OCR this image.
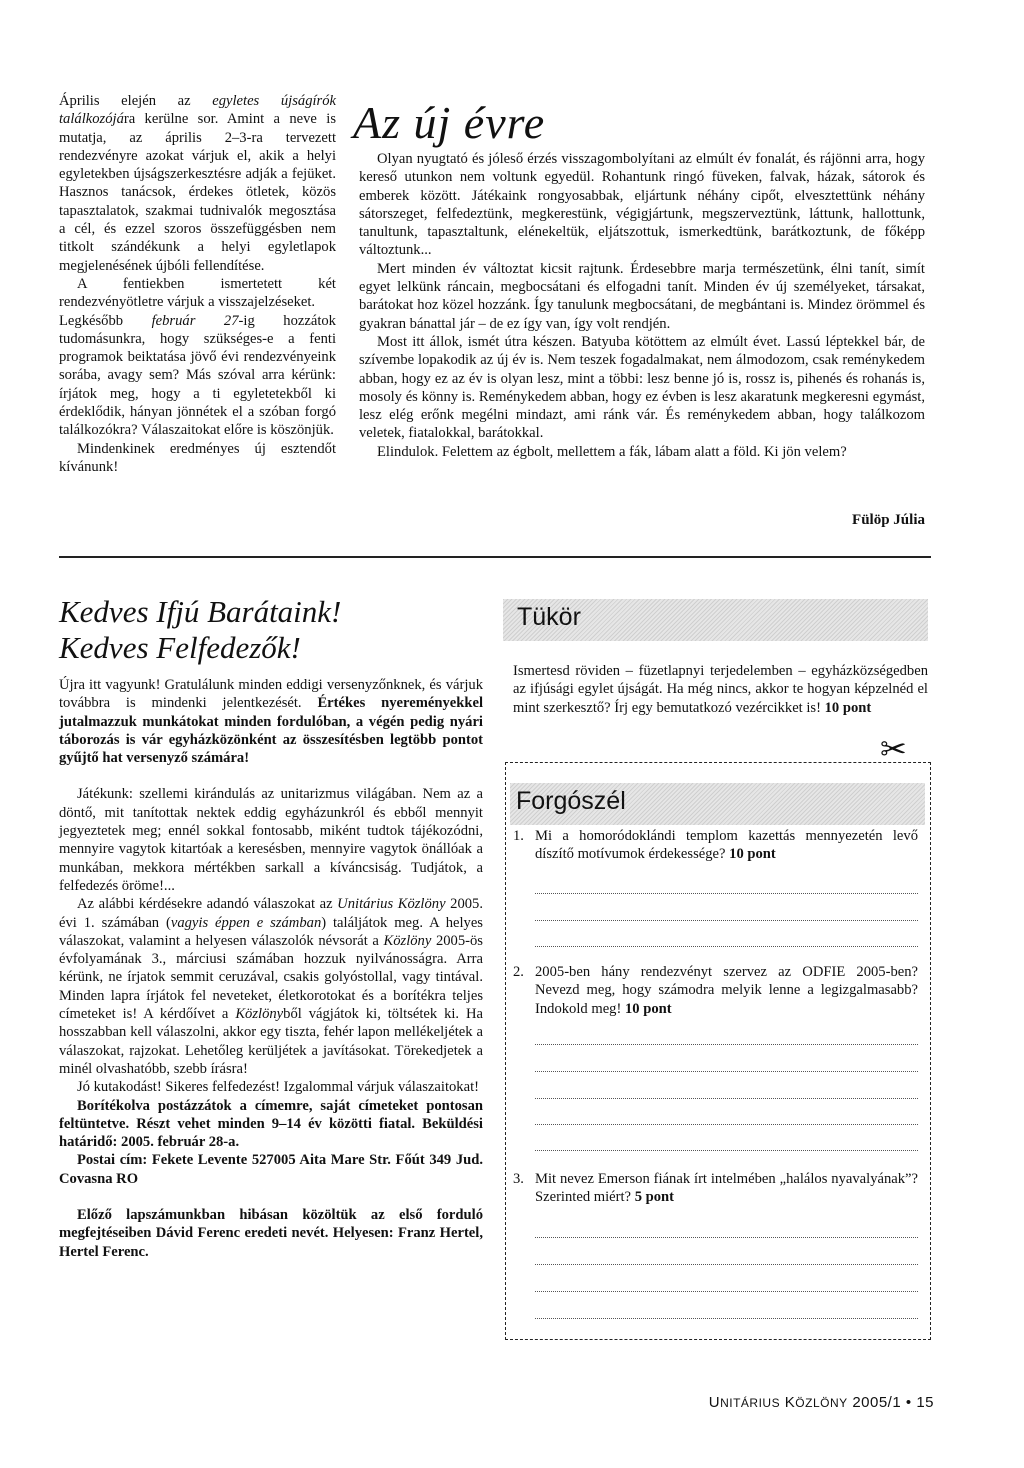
Április elején az egyletes újságírók találkozójára kerülne sor. Amint a neve is mutatja, az április 2–3-ra tervezett rendezvényre azokat várjuk el, akik a helyi egyletekben újságszerkesztésre adják a fejüket. Hasznos tanácsok, érdekes ötletek, közös tapasztalatok, szakmai tudnivalók megosztása a cél, és ezzel szoros összefüggésben nem titkolt szándékunk a helyi egyletlapok megjelenésének újbóli fellendítése.

A fentiekben ismertetett két rendezvényötletre várjuk a visszajelzéseket.

Legkésőbb február 27-ig hozzátok tudomásunkra, hogy szükséges-e a fenti programok beiktatása jövő évi rendezvényeink sorába, avagy sem? Más szóval arra kérünk: írjátok meg, hogy a ti egyletetekből ki érdeklődik, hányan jönnétek el a szóban forgó találkozókra? Válaszaitokat előre is köszönjük.

Mindenkinek eredményes új esztendőt kívánunk!

Az új évre

Olyan nyugtató és jóleső érzés visszagombolyítani az elmúlt év fonalát, és rájönni arra, hogy kereső utunkon nem voltunk egyedül. Rohantunk ringó füveken, falvak, házak, sátorok és emberek között. Játékaink rongyosabbak, eljártunk néhány cipőt, elvesztettünk néhány sátorszeget, felfedeztünk, megkerestünk, végigjártunk, megszerveztünk, láttunk, hallottunk, tanultunk, tapasztaltunk, elénekeltük, eljátszottuk, ismerkedtünk, barátkoztunk, de főképp változtunk...

Mert minden év változtat kicsit rajtunk. Érdesebbre marja természetünk, élni tanít, simít egyet lelkünk ráncain, megbocsátani és elfogadni tanít. Minden év új személyeket, társakat, barátokat hoz közel hozzánk. Így tanulunk megbocsátani, de megbántani is. Mindez örömmel és gyakran bánattal jár – de ez így van, így volt rendjén.

Most itt állok, ismét útra készen. Batyuba kötöttem az elmúlt évet. Lassú léptekkel bár, de szívembe lopakodik az új év is. Nem teszek fogadalmakat, nem álmodozom, csak reménykedem abban, hogy ez az év is olyan lesz, mint a többi: lesz benne jó is, rossz is, pihenés és rohanás is, mosoly és könny is. Reménykedem abban, hogy ez évben is lesz akaratunk megkeresni egymást, lesz elég erőnk megélni mindazt, ami ránk vár. És reménykedem abban, hogy találkozom veletek, fiatalokkal, barátokkal.

Elindulok. Felettem az égbolt, mellettem a fák, lábam alatt a föld. Ki jön velem?

Fülöp Júlia
Kedves Ifjú Barátaink!
Kedves Felfedezők!

Újra itt vagyunk! Gratulálunk minden eddigi versenyzőnknek, és várjuk továbbra is mindenki jelentkezését. Értékes nyereményekkel jutalmazzuk munkátokat minden fordulóban, a végén pedig nyári táborozás is vár egyházközönként az összesítésben legtöbb pontot gyűjtő hat versenyző számára!

Játékunk: szellemi kirándulás az unitarizmus világában. Nem az a döntő, mit tanítottak nektek eddig egyházunkról és ebből mennyit jegyeztetek meg; ennél sokkal fontosabb, miként tudtok tájékozódni, mennyire vagytok kitartóak a keresésben, mennyire vagytok önállóak a munkában, mekkora mértékben sarkall a kíváncsiság. Tudjátok, a felfedezés öröme!...

Az alábbi kérdésekre adandó válaszokat az Unitárius Közlöny 2005. évi 1. számában (vagyis éppen e számban) találjátok meg. A helyes válaszokat, valamint a helyesen válaszolók névsorát a Közlöny 2005-ös évfolyamának 3., márciusi számában hozzuk nyilvánosságra. Arra kérünk, ne írjatok semmit ceruzával, csakis golyóstollal, vagy tintával. Minden lapra írjátok fel neveteket, életkorotokat és a borítékra teljes címeteket is! A kérdőívet a Közlönyből vágjátok ki, töltsétek ki. Ha hosszabban kell válaszolni, akkor egy tiszta, fehér lapon mellékeljétek a válaszokat, rajzokat. Lehetőleg kerüljétek a javításokat. Törekedjetek a minél olvashatóbb, szebb írásra!

Jó kutakodást! Sikeres felfedezést! Izgalommal várjuk válaszaitokat!

Borítékolva postázzátok a címemre, saját címeteket pontosan feltüntetve. Részt vehet minden 9–14 év közötti fiatal. Beküldési határidő: 2005. február 28-a.

Postai cím: Fekete Levente 527005 Aita Mare Str. Főút 349 Jud. Covasna RO

Előző lapszámunkban hibásan közöltük az első forduló megfejtéseiben Dávid Ferenc eredeti nevét. Helyesen: Franz Hertel, Hertel Ferenc.

Tükör

Ismertesd röviden – füzetlapnyi terjedelemben – egyházközségedben az ifjúsági egylet újságát. Ha még nincs, akkor te hogyan képzelnéd el mint szerkesztő? Írj egy bemutatkozó vezércikket is! 10 pont

✂
Forgószél
1. Mi a homoródoklándi templom kazettás mennyezetén levő díszítő motívumok érdekessége? 10 pont

2. 2005-ben hány rendezvényt szervez az ODFIE 2005-ben? Nevezd meg, hogy számodra melyik lenne a legizgalmasabb? Indokold meg! 10 pont

3. Mit nevez Emerson fiának írt intelmében „halálos nyavalyának”? Szerinted miért? 5 pont

UNITÁRIUS KÖZLÖNY 2005/1 • 15
